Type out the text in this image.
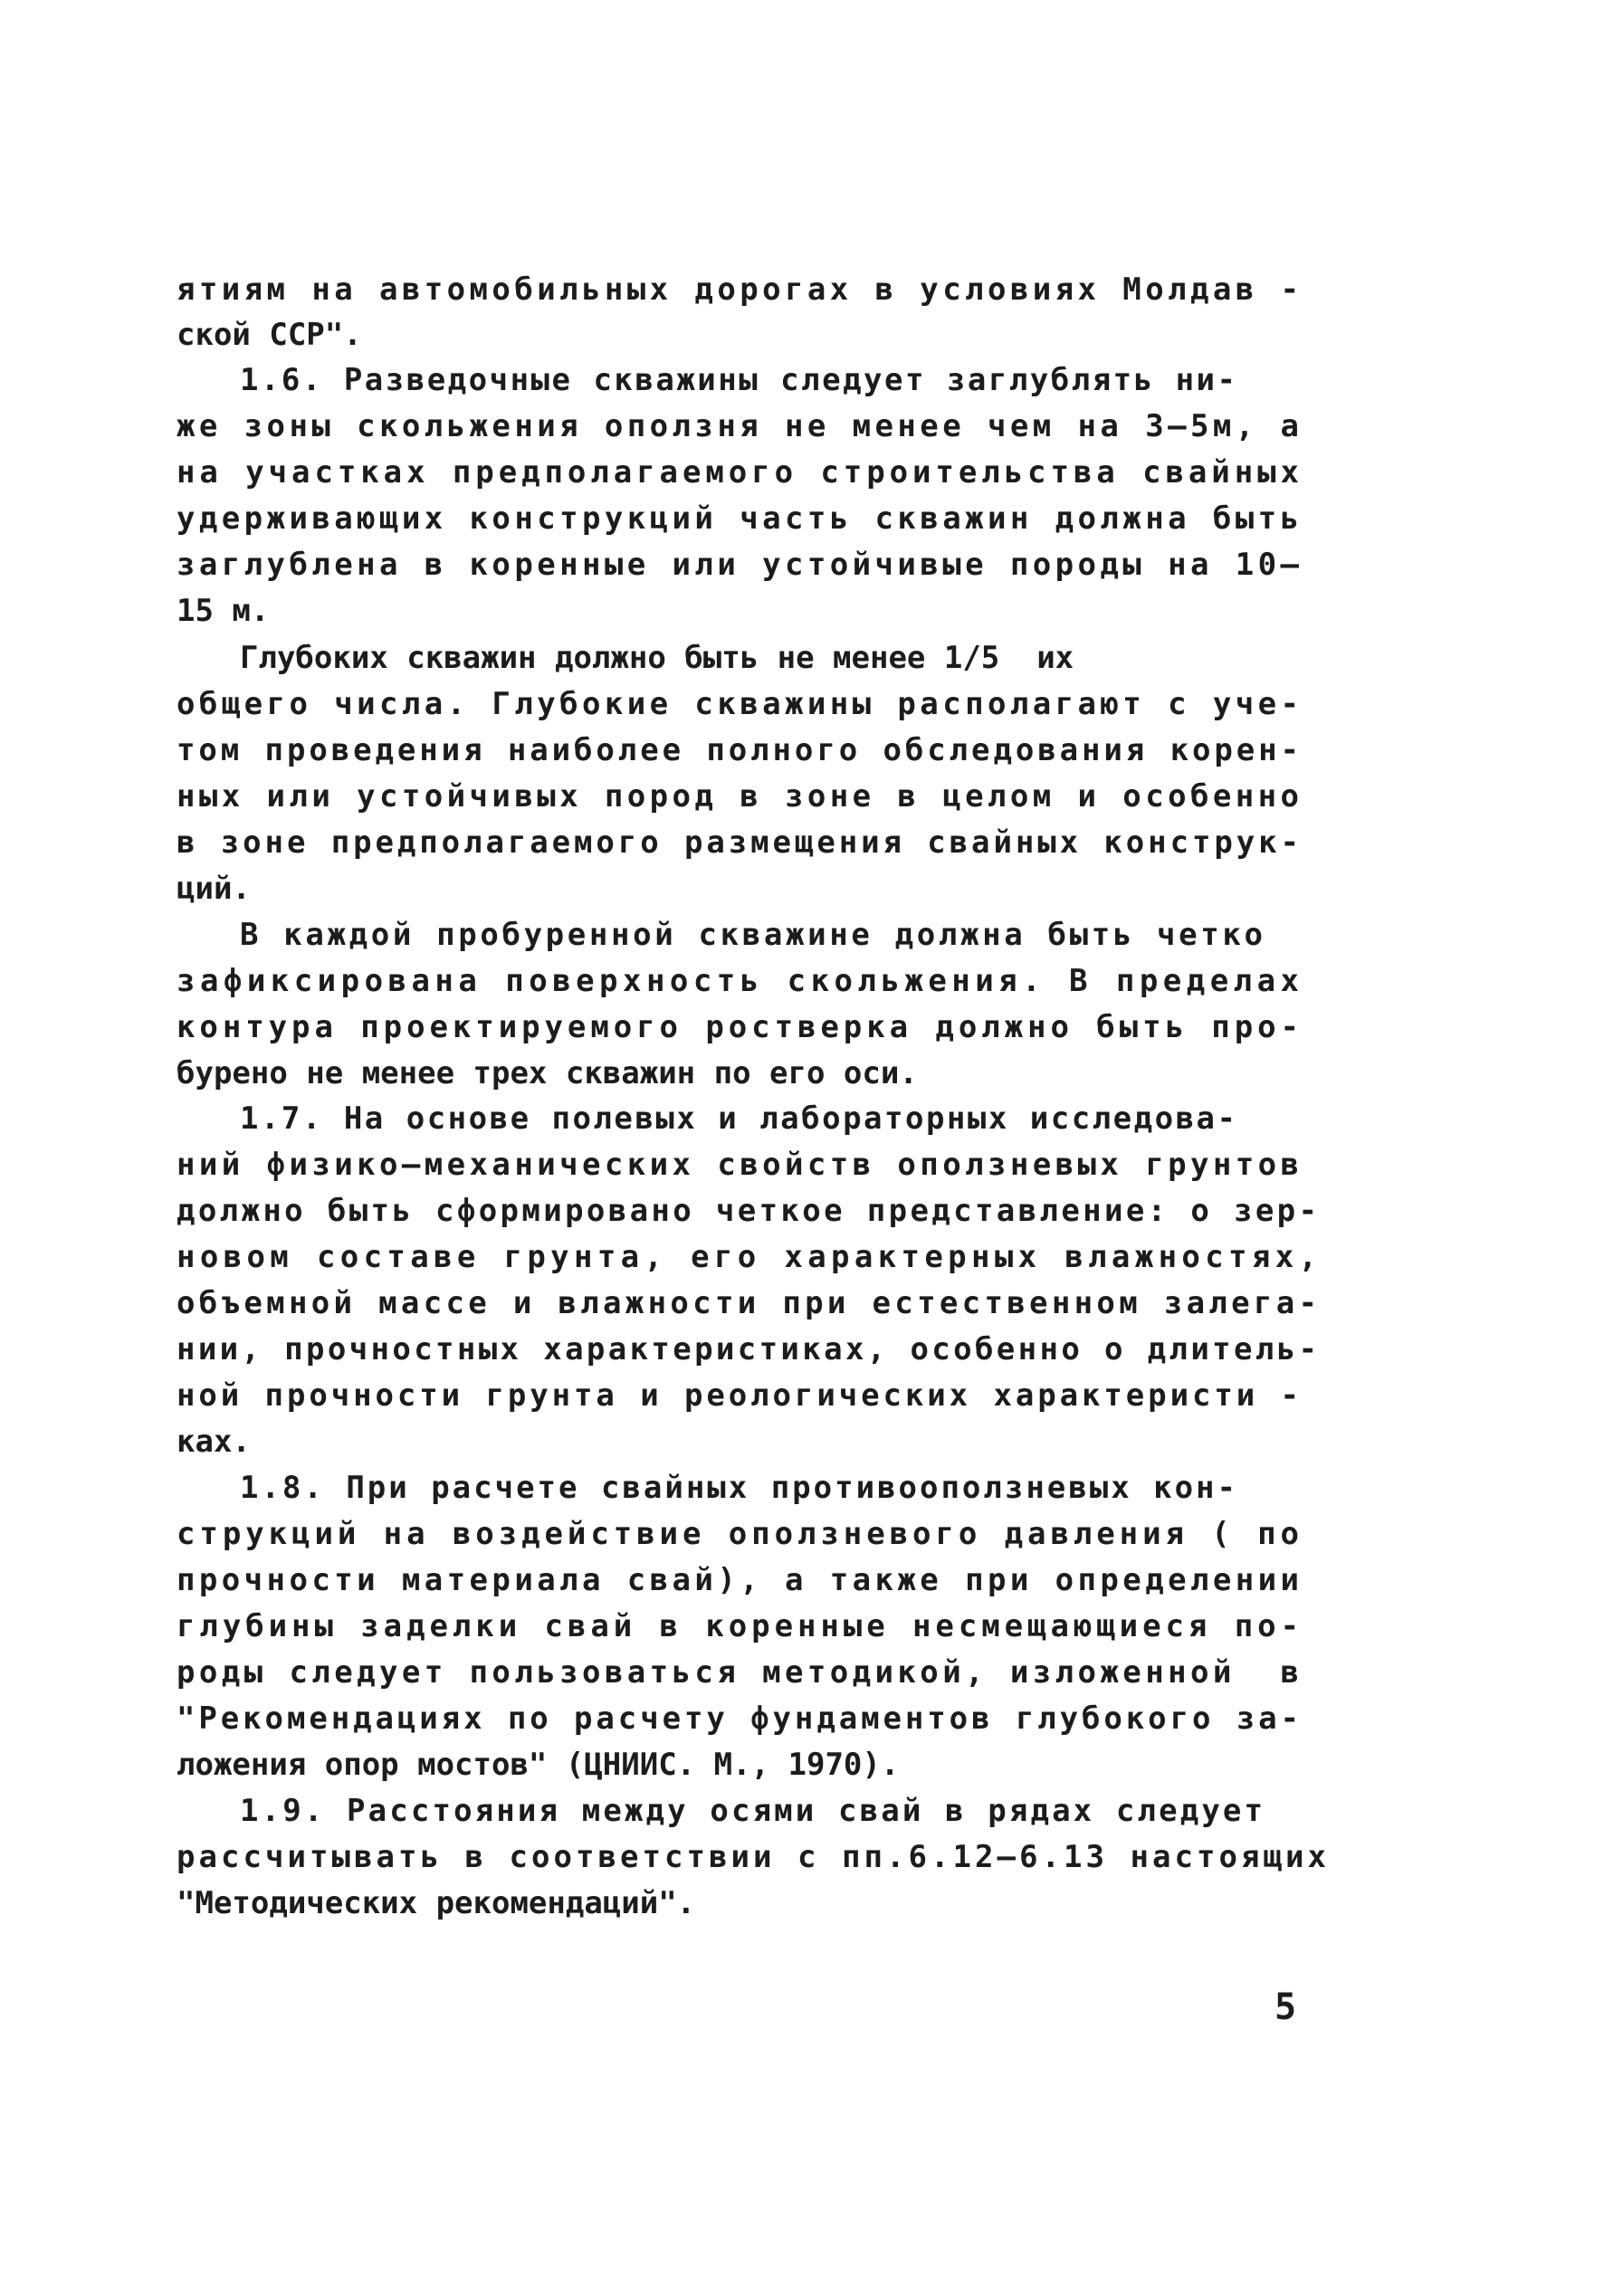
ятиям на автомобильных дорогах в условиях Молдав -
ской ССР".
1.6. Разведочные скважины следует заглублять ни-
же зоны скольжения оползня не менее чем на 3–5м, а
на участках предполагаемого строительства свайных
удерживающих конструкций часть скважин должна быть
заглублена в коренные или устойчивые породы на 10–
15 м.
Глубоких скважин должно быть не менее 1/5  их
общего числа. Глубокие скважины располагают с уче-
том проведения наиболее полного обследования корен-
ных или устойчивых пород в зоне в целом и особенно
в зоне предполагаемого размещения свайных конструк-
ций.
В каждой пробуренной скважине должна быть четко
зафиксирована поверхность скольжения. В пределах
контура проектируемого ростверка должно быть про-
бурено не менее трех скважин по его оси.
1.7. На основе полевых и лабораторных исследова-
ний физико–механических свойств оползневых грунтов
должно быть сформировано четкое представление: о зер-
новом составе грунта, его характерных влажностях,
объемной массе и влажности при естественном залега-
нии, прочностных характеристиках, особенно о длитель-
ной прочности грунта и реологических характеристи -
ках.
1.8. При расчете свайных противооползневых кон-
струкций на воздействие оползневого давления ( по
прочности материала свай), а также при определении
глубины заделки свай в коренные несмещающиеся по-
роды следует пользоваться методикой, изложенной  в
"Рекомендациях по расчету фундаментов глубокого за-
ложения опор мостов" (ЦНИИС. М., 1970).
1.9. Расстояния между осями свай в рядах следует
рассчитывать в соответствии с пп.6.12–6.13 настоящих
"Методических рекомендаций".
5
